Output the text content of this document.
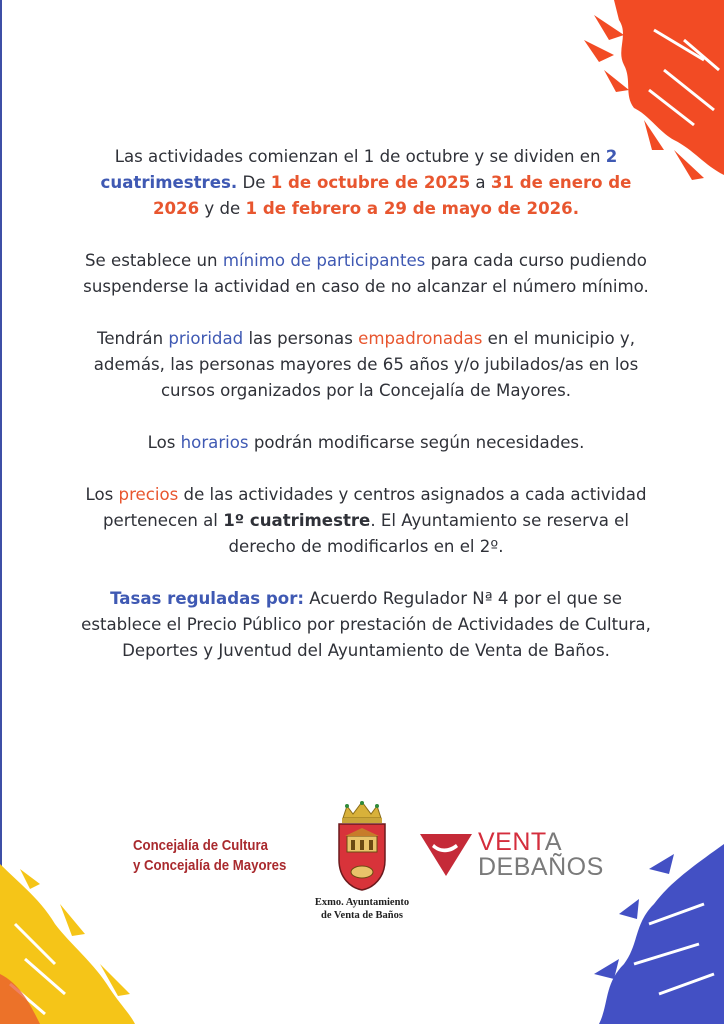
Las actividades comienzan el 1 de octubre y se dividen en 2 cuatrimestres. De 1 de octubre de 2025 a 31 de enero de 2026 y de 1 de febrero a 29 de mayo de 2026.

Se establece un mínimo de participantes para cada curso pudiendo suspenderse la actividad en caso de no alcanzar el número mínimo.

Tendrán prioridad las personas empadronadas en el municipio y, además, las personas mayores de 65 años y/o jubilados/as en los cursos organizados por la Concejalía de Mayores.

Los horarios podrán modificarse según necesidades.

Los precios de las actividades y centros asignados a cada actividad pertenecen al 1º cuatrimestre. El Ayuntamiento se reserva el derecho de modificarlos en el 2º.

Tasas reguladas por: Acuerdo Regulador Nª 4 por el que se establece el Precio Público por prestación de Actividades de Cultura, Deportes y Juventud del Ayuntamiento de Venta de Baños.

Concejalía de Cultura
y Concejalía de Mayores
Exmo. Ayuntamiento
de Venta de Baños
VENTA
DEBAÑOS
